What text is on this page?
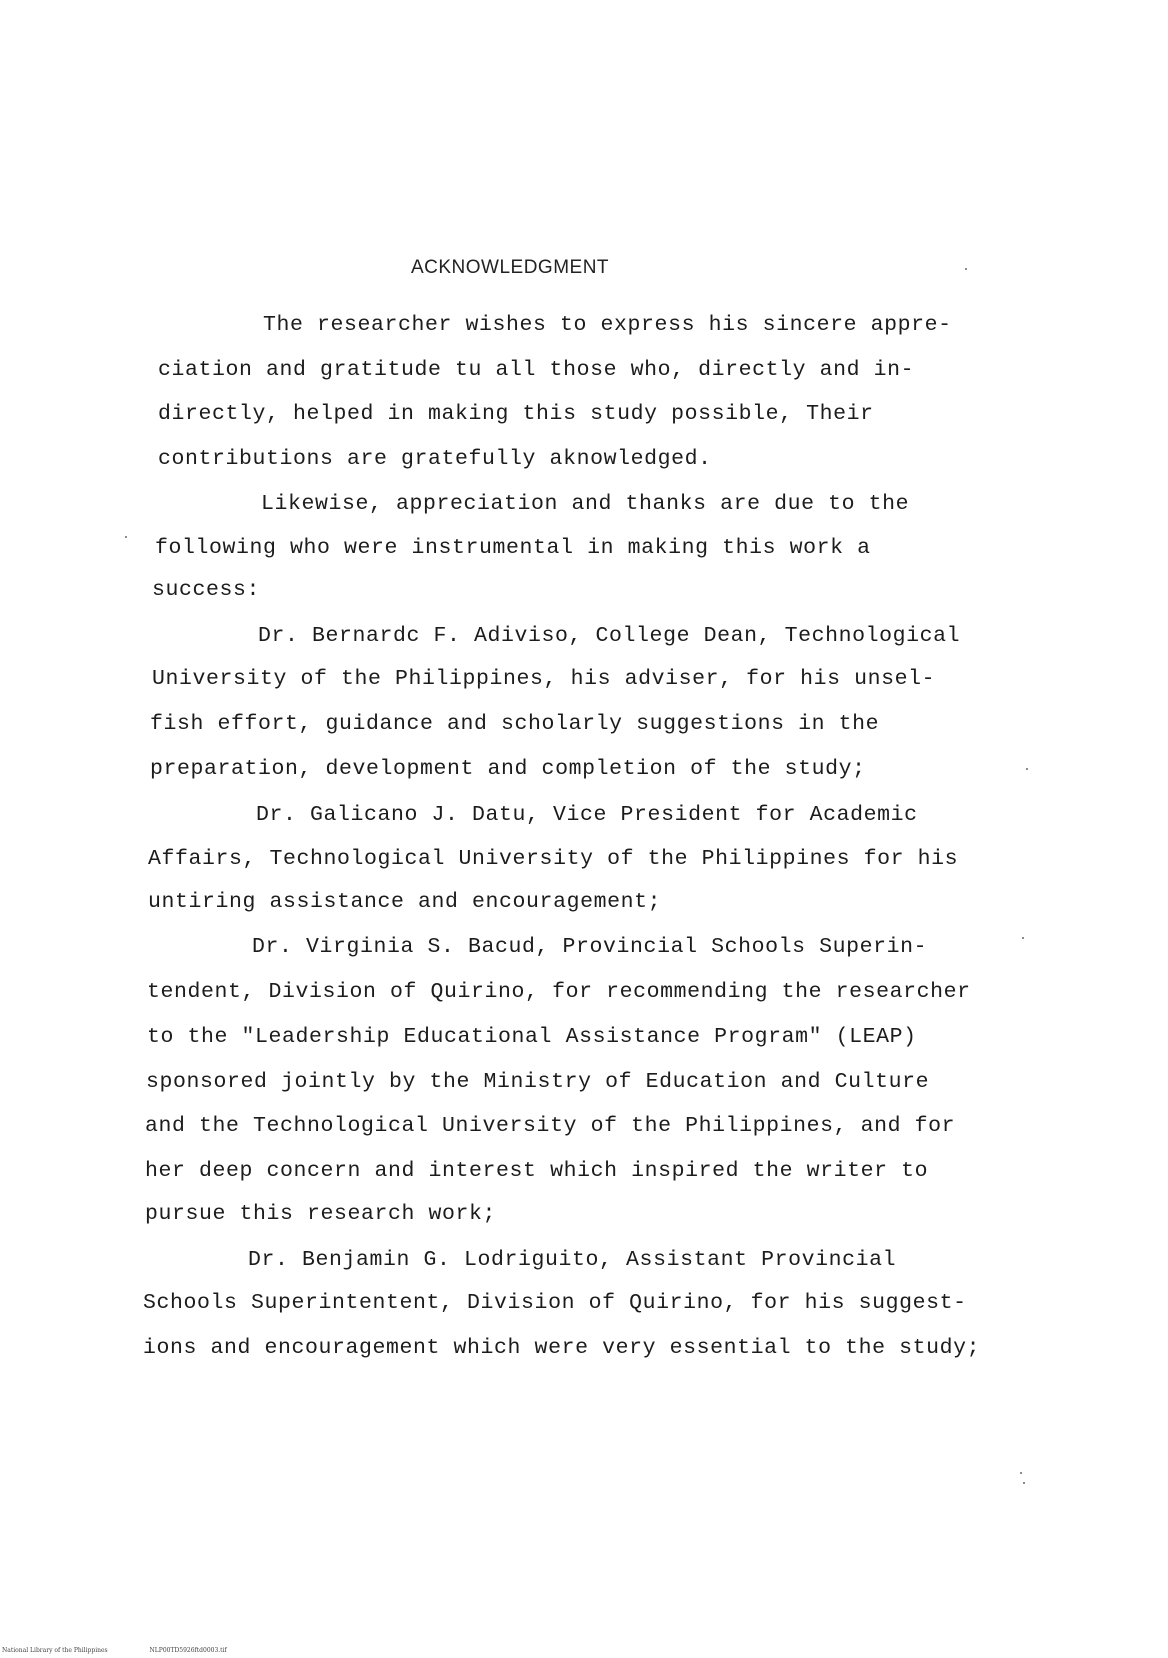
ACKNOWLEDGMENT
The researcher wishes to express his sincere appre-
ciation and gratitude tu all those who, directly and in-
directly, helped in making this study possible, Their
contributions are gratefully aknowledged.
Likewise, appreciation and thanks are due to the
following who were instrumental in making this work a
success:
Dr. Bernardc F. Adiviso, College Dean, Technological
University of the Philippines, his adviser, for his unsel-
fish effort, guidance and scholarly suggestions in the
preparation, development and completion of the study;
Dr. Galicano J. Datu, Vice President for Academic
Affairs, Technological University of the Philippines for his
untiring assistance and encouragement;
Dr. Virginia S. Bacud, Provincial Schools Superin-
tendent, Division of Quirino, for recommending the researcher
to the "Leadership Educational Assistance Program" (LEAP)
sponsored jointly by the Ministry of Education and Culture
and the Technological University of the Philippines, and for
her deep concern and interest which inspired the writer to
pursue this research work;
Dr. Benjamin G. Lodriguito, Assistant Provincial
Schools Superintentent, Division of Quirino, for his suggest-
ions and encouragement which were very essential to the study;
National Library of the Philippines	NLP00TD5926ftd0003.tif
